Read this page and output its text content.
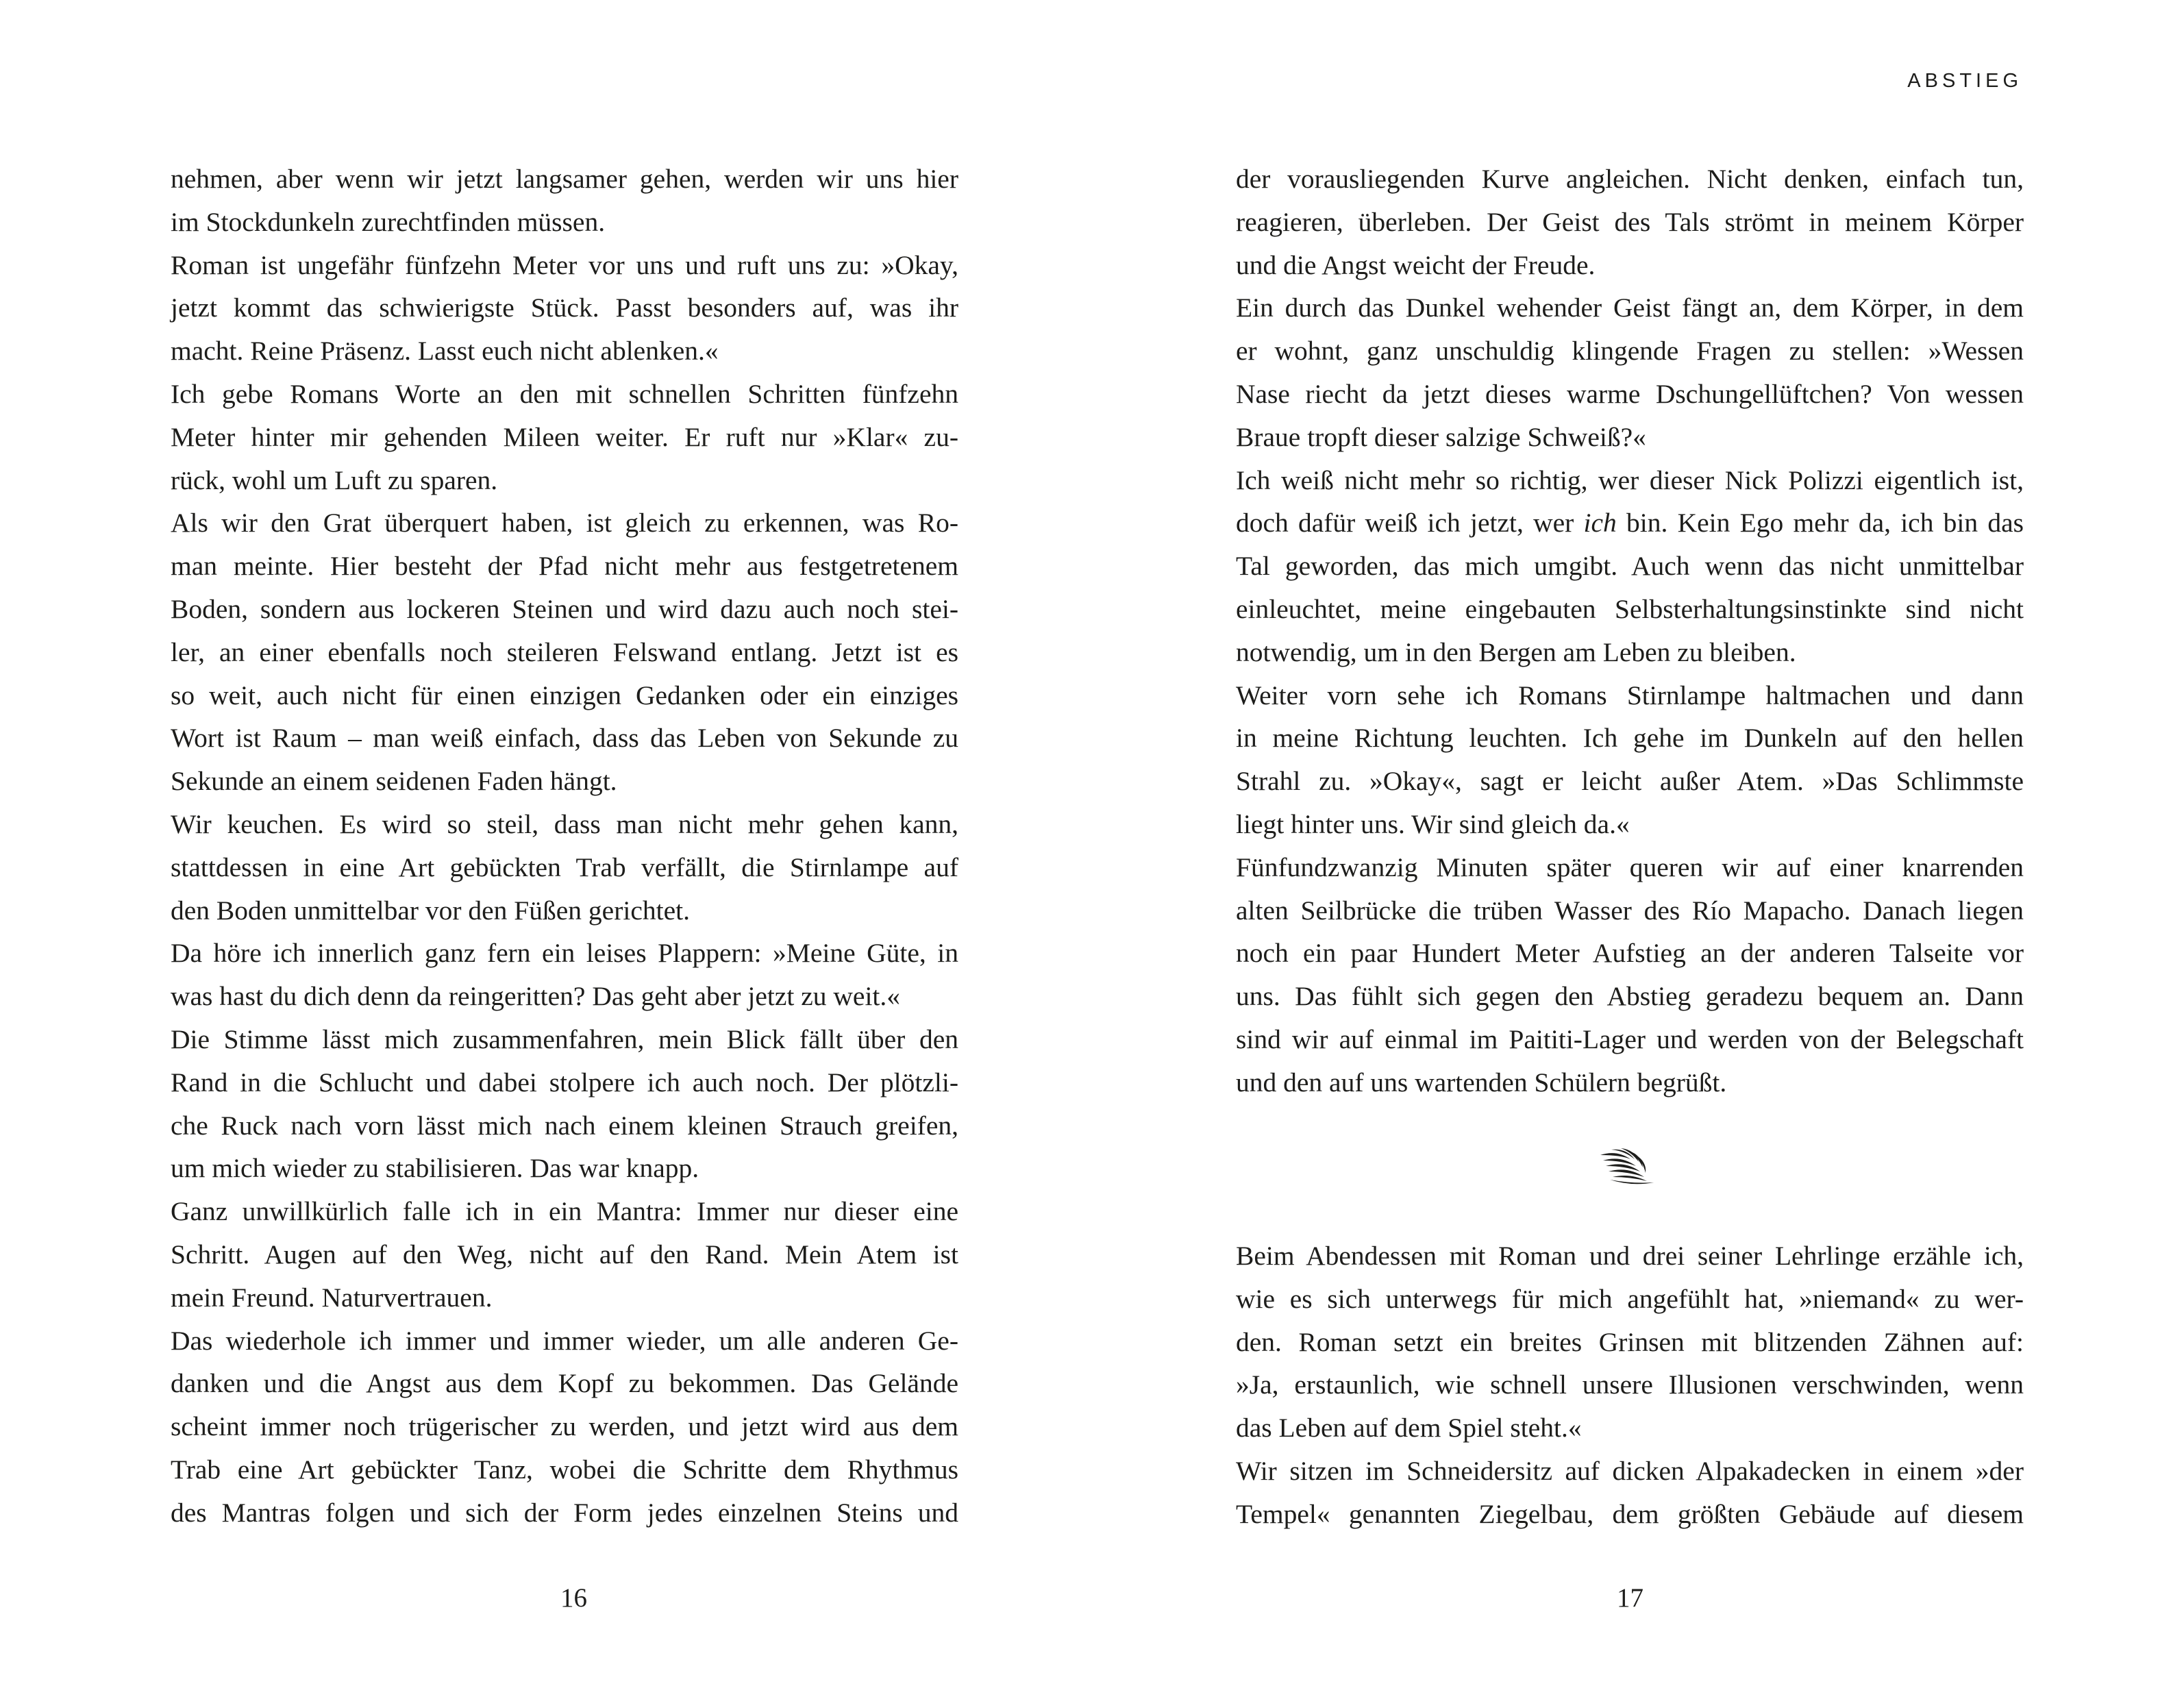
ABSTIEG
nehmen, aber wenn wir jetzt langsamer gehen, werden wir uns hier
im Stockdunkeln zurechtfinden müssen.
Roman ist ungefähr fünfzehn Meter vor uns und ruft uns zu: »Okay,
jetzt kommt das schwierigste Stück. Passt besonders auf, was ihr
macht. Reine Präsenz. Lasst euch nicht ablenken.«
Ich gebe Romans Worte an den mit schnellen Schritten fünfzehn
Meter hinter mir gehenden Mileen weiter. Er ruft nur »Klar« zu-
rück, wohl um Luft zu sparen.
Als wir den Grat überquert haben, ist gleich zu erkennen, was Ro-
man meinte. Hier besteht der Pfad nicht mehr aus festgetretenem
Boden, sondern aus lockeren Steinen und wird dazu auch noch stei-
ler, an einer ebenfalls noch steileren Felswand entlang. Jetzt ist es
so weit, auch nicht für einen einzigen Gedanken oder ein einziges
Wort ist Raum – man weiß einfach, dass das Leben von Sekunde zu
Sekunde an einem seidenen Faden hängt.
Wir keuchen. Es wird so steil, dass man nicht mehr gehen kann,
stattdessen in eine Art gebückten Trab verfällt, die Stirnlampe auf
den Boden unmittelbar vor den Füßen gerichtet.
Da höre ich innerlich ganz fern ein leises Plappern: »Meine Güte, in
was hast du dich denn da reingeritten? Das geht aber jetzt zu weit.«
Die Stimme lässt mich zusammenfahren, mein Blick fällt über den
Rand in die Schlucht und dabei stolpere ich auch noch. Der plötzli-
che Ruck nach vorn lässt mich nach einem kleinen Strauch greifen,
um mich wieder zu stabilisieren. Das war knapp.
Ganz unwillkürlich falle ich in ein Mantra: Immer nur dieser eine
Schritt. Augen auf den Weg, nicht auf den Rand. Mein Atem ist
mein Freund. Naturvertrauen.
Das wiederhole ich immer und immer wieder, um alle anderen Ge-
danken und die Angst aus dem Kopf zu bekommen. Das Gelände
scheint immer noch trügerischer zu werden, und jetzt wird aus dem
Trab eine Art gebückter Tanz, wobei die Schritte dem Rhythmus
des Mantras folgen und sich der Form jedes einzelnen Steins und
der vorausliegenden Kurve angleichen. Nicht denken, einfach tun,
reagieren, überleben. Der Geist des Tals strömt in meinem Körper
und die Angst weicht der Freude.
Ein durch das Dunkel wehender Geist fängt an, dem Körper, in dem
er wohnt, ganz unschuldig klingende Fragen zu stellen: »Wessen
Nase riecht da jetzt dieses warme Dschungellüftchen? Von wessen
Braue tropft dieser salzige Schweiß?«
Ich weiß nicht mehr so richtig, wer dieser Nick Polizzi eigentlich ist,
doch dafür weiß ich jetzt, wer ich bin. Kein Ego mehr da, ich bin das
Tal geworden, das mich umgibt. Auch wenn das nicht unmittelbar
einleuchtet, meine eingebauten Selbsterhaltungsinstinkte sind nicht
notwendig, um in den Bergen am Leben zu bleiben.
Weiter vorn sehe ich Romans Stirnlampe haltmachen und dann
in meine Richtung leuchten. Ich gehe im Dunkeln auf den hellen
Strahl zu. »Okay«, sagt er leicht außer Atem. »Das Schlimmste
liegt hinter uns. Wir sind gleich da.«
Fünfundzwanzig Minuten später queren wir auf einer knarrenden
alten Seilbrücke die trüben Wasser des Río Mapacho. Danach liegen
noch ein paar Hundert Meter Aufstieg an der anderen Talseite vor
uns. Das fühlt sich gegen den Abstieg geradezu bequem an. Dann
sind wir auf einmal im Paititi-Lager und werden von der Belegschaft
und den auf uns wartenden Schülern begrüßt.
Beim Abendessen mit Roman und drei seiner Lehrlinge erzähle ich,
wie es sich unterwegs für mich angefühlt hat, »niemand« zu wer-
den. Roman setzt ein breites Grinsen mit blitzenden Zähnen auf:
»Ja, erstaunlich, wie schnell unsere Illusionen verschwinden, wenn
das Leben auf dem Spiel steht.«
Wir sitzen im Schneidersitz auf dicken Alpakadecken in einem »der
Tempel« genannten Ziegelbau, dem größten Gebäude auf diesem
16	17
